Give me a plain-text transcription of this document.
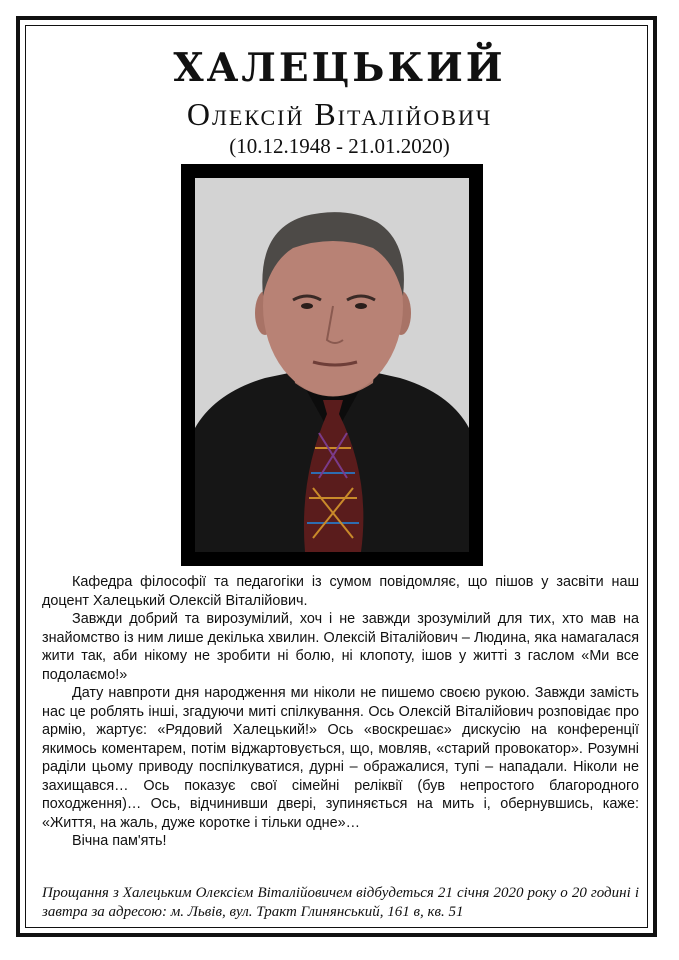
ХАЛЕЦЬКИЙ
Олексій Віталійович
(10.12.1948 - 21.01.2020)

Кафедра філософії та педагогіки із сумом повідомляє, що пішов у засвіти наш доцент Халецький Олексій Віталійович.

Завжди добрий та вирозумілий, хоч і не завжди зрозумілий для тих, хто мав на знайомство із ним лише декілька хвилин. Олексій Віталійович – Людина, яка намагалася жити так, аби нікому не зробити ні болю, ні клопоту, ішов у житті з гаслом «Ми все подолаємо!»

Дату навпроти дня народження ми ніколи не пишемо своєю рукою. Завжди замість нас це роблять інші, згадуючи миті спілкування. Ось Олексій Віталійович розповідає про армію, жартує: «Рядовий Халецький!» Ось «воскрешає» дискусію на конференції якимось коментарем, потім віджартовується, що, мовляв, «старий провокатор». Розумні раділи цьому приводу поспілкуватися, дурні – ображалися, тупі – нападали. Ніколи не захищався… Ось показує свої сімейні реліквії (був непростого благородного походження)… Ось, відчинивши двері, зупиняється на мить і, обернувшись, каже: «Життя, на жаль, дуже коротке і тільки одне»…

Вічна пам'ять!

Прощання з Халецьким Олексієм Віталійовичем відбудеться 21 січня 2020 року о 20 годині і завтра за адресою: м. Львів, вул. Тракт Глинянський, 161 в, кв. 51
